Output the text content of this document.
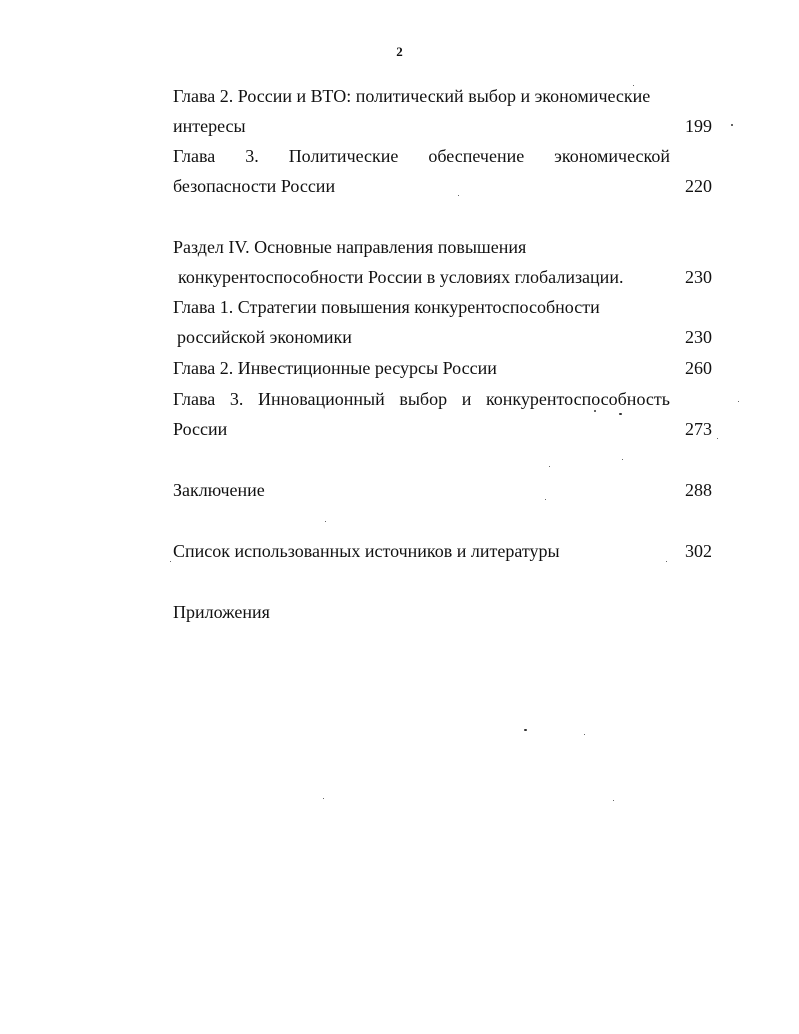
2
Глава 2. России и ВТО: политический выбор и экономические
интересы	199
Глава 3. Политические обеспечение экономической
безопасности России	220
Раздел IV. Основные направления повышения
конкурентоспособности России в условиях глобализации.	230
Глава 1. Стратегии повышения конкурентоспособности
российской экономики	230
Глава 2. Инвестиционные ресурсы России	260
Глава 3. Инновационный выбор и конкурентоспособность
России	273
Заключение	288
Список использованных источников и литературы	302
Приложения
